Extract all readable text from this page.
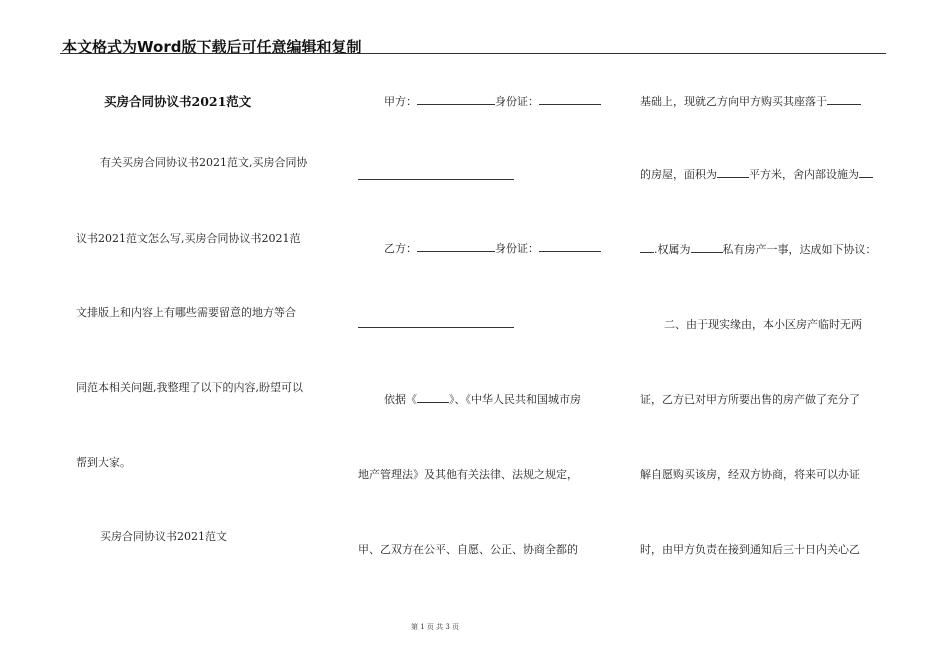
本文格式为Word版下载后可任意编辑和复制
买房合同协议书2021范文
有关买房合同协议书2021范文,买房合同协
议书2021范文怎么写,买房合同协议书2021范
文排版上和内容上有哪些需要留意的地方等合
同范本相关问题,我整理了以下的内容,盼望可以
帮到大家。
买房合同协议书2021范文
甲方：	身份证：
乙方：	身份证：
依据《	》、《中华人民共和国城市房
地产管理法》及其他有关法律、法规之规定，
甲、乙双方在公平、自愿、公正、协商全都的
基础上，现就乙方向甲方购买其座落于
的房屋，面积为	平方米，舍内部设施为
.权属为	私有房产一事，达成如下协议：
二、由于现实缘由，本小区房产临时无两
证，乙方已对甲方所要出售的房产做了充分了
解自愿购买该房，经双方协商，将来可以办证
时，由甲方负责在接到通知后三十日内关心乙
第 1 页 共 3 页
